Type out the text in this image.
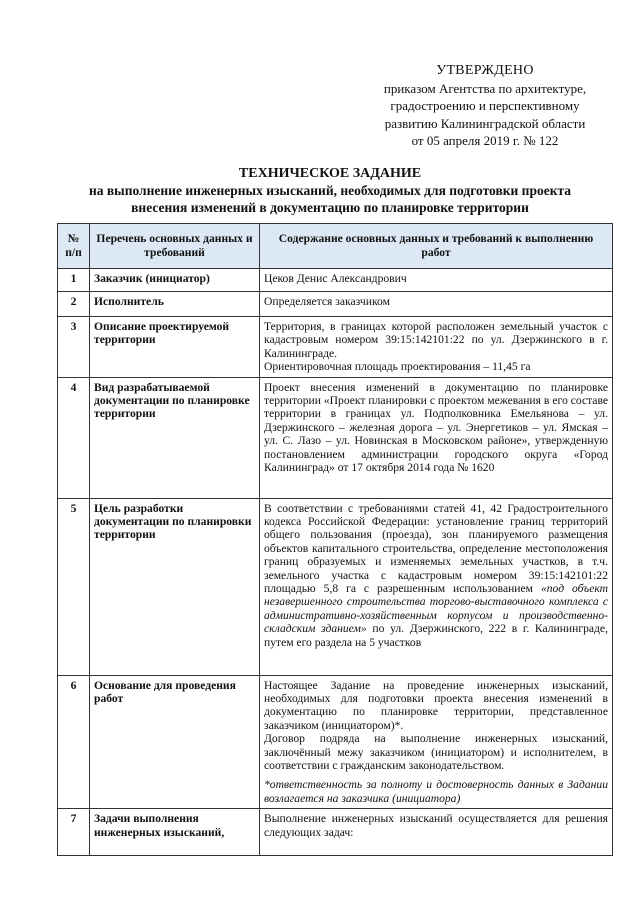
УТВЕРЖДЕНО
приказом Агентства по архитектуре,
градостроению и перспективному
развитию Калининградской области
от 05 апреля 2019 г. № 122
ТЕХНИЧЕСКОЕ ЗАДАНИЕ
на выполнение инженерных изысканий, необходимых для подготовки проекта
внесения изменений в документацию по планировке территории
№ п/п	Перечень основных данных и требований	Содержание основных данных и требований к выполнению работ
1	Заказчик (инициатор)	Цеков Денис Александрович
2	Исполнитель	Определяется заказчиком
3	Описание проектируемой территории	Территория, в границах которой расположен земельный участок с кадастровым номером 39:15:142101:22 по ул. Дзержинского в г. Калининграде.
Ориентировочная площадь проектирования – 11,45 га

4	Вид разрабатываемой документации по планировке территории	Проект внесения изменений в документацию по планировке территории «Проект планировки с проектом межевания в его составе территории в границах ул. Подполковника Емельянова – ул. Дзержинского – железная дорога – ул. Энергетиков – ул. Ямская – ул. С. Лазо – ул. Новинская в Московском районе», утвержденную постановлением администрации городского округа «Город Калининград» от 17 октября 2014 года № 1620
5	Цель разработки документации по планировки территории	В соответствии с требованиями статей 41, 42 Градостроительного кодекса Российской Федерации: установление границ территорий общего пользования (проезда), зон планируемого размещения объектов капитального строительства, определение местоположения границ образуемых и изменяемых земельных участков, в т.ч. земельного участка с кадастровым номером 39:15:142101:22 площадью 5,8 га с разрешенным использованием «под объект незавершенного строительства торгово-выставочного комплекса с административно-хозяйственным корпусом и производственно-складским зданием» по ул. Дзержинского, 222 в г. Калининграде, путем его раздела на 5 участков
6	Основание для проведения работ	Настоящее Задание на проведение инженерных изысканий, необходимых для подготовки проекта внесения изменений в документацию по планировке территории, представленное заказчиком (инициатором)*.
Договор подряда на выполнение инженерных изысканий, заключённый межу заказчиком (инициатором) и исполнителем, в соответствии с гражданским законодательством.
*ответственность за полноту и достоверность данных в Задании возлагается на заказчика (инициатора)

7	Задачи выполнения инженерных изысканий,	Выполнение инженерных изысканий осуществляется для решения следующих задач:
